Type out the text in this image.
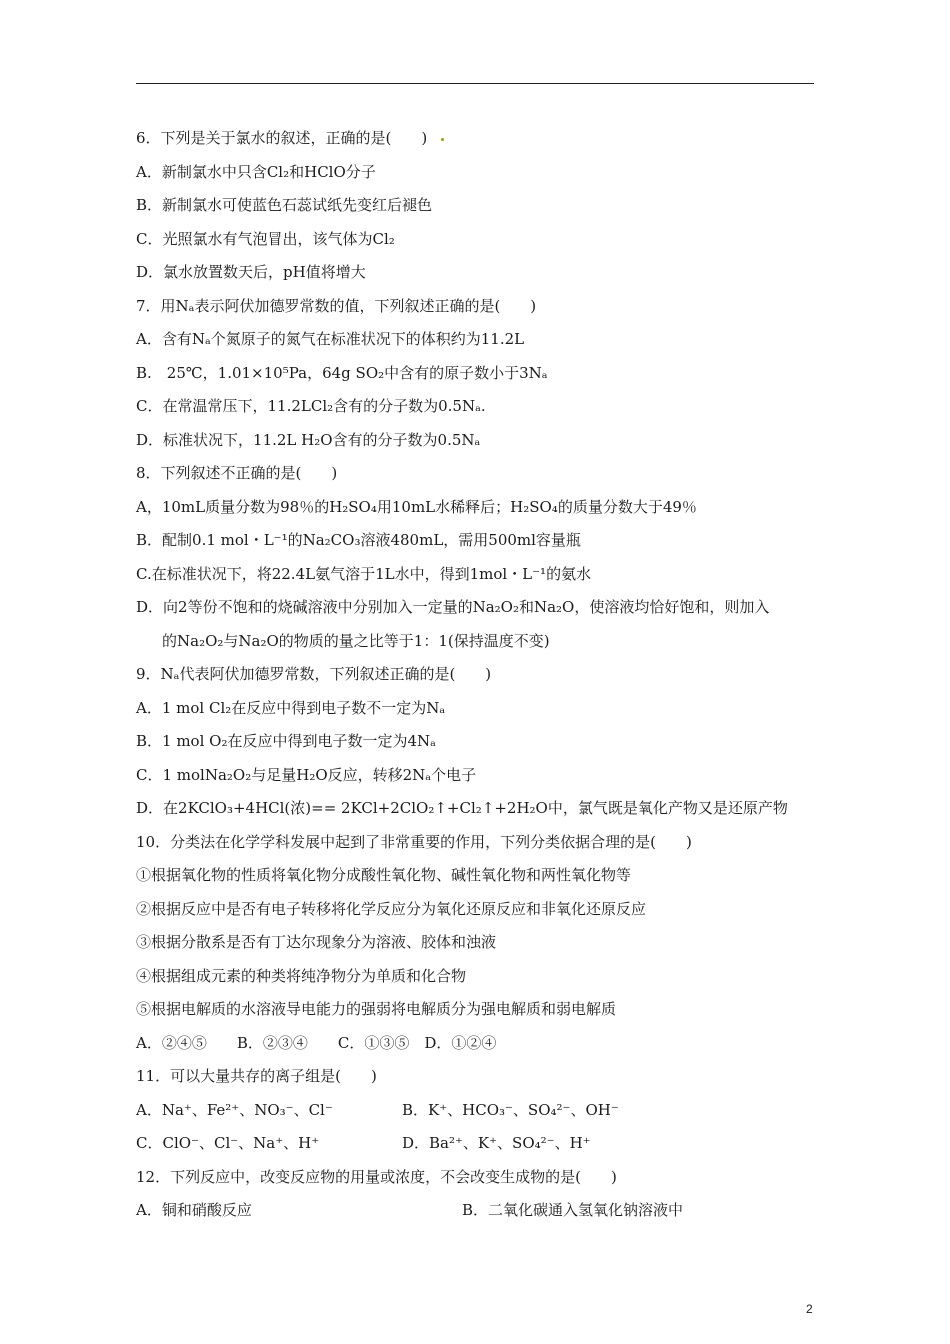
6．下列是关于氯水的叙述，正确的是(　　)
A．新制氯水中只含Cl₂和HClO分子
B．新制氯水可使蓝色石蕊试纸先变红后褪色
C．光照氯水有气泡冒出，该气体为Cl₂
D．氯水放置数天后，pH值将增大
7．用Nₐ表示阿伏加德罗常数的值，下列叙述正确的是(　　)
A．含有Nₐ个氮原子的氮气在标准状况下的体积约为11.2L
B.　25℃，1.01×10⁵Pa，64g SO₂中含有的原子数小于3Nₐ
C．在常温常压下，11.2LCl₂含有的分子数为0.5Nₐ.
D．标准状况下，11.2L H₂O含有的分子数为0.5Nₐ
8．下列叙述不正确的是(　　)
A，10mL质量分数为98％的H₂SO₄用10mL水稀释后；H₂SO₄的质量分数大于49％
B．配制0.1 mol・L⁻¹的Na₂CO₃溶液480mL，需用500ml容量瓶
C.在标准状况下，将22.4L氨气溶于1L水中，得到1mol・L⁻¹的氨水
D．向2等份不饱和的烧碱溶液中分别加入一定量的Na₂O₂和Na₂O，使溶液均恰好饱和，则加入
的Na₂O₂与Na₂O的物质的量之比等于1：1(保持温度不变)
9．Nₐ代表阿伏加德罗常数，下列叙述正确的是(　　)
A．1 mol Cl₂在反应中得到电子数不一定为Nₐ
B．1 mol O₂在反应中得到电子数一定为4Nₐ
C．1 molNa₂O₂与足量H₂O反应，转移2Nₐ个电子
D．在2KClO₃+4HCl(浓)== 2KCl+2ClO₂↑+Cl₂↑+2H₂O中，氯气既是氧化产物又是还原产物
10．分类法在化学学科发展中起到了非常重要的作用，下列分类依据合理的是(　　)
①根据氧化物的性质将氧化物分成酸性氧化物、碱性氧化物和两性氧化物等
②根据反应中是否有电子转移将化学反应分为氧化还原反应和非氧化还原反应
③根据分散系是否有丁达尔现象分为溶液、胶体和浊液
④根据组成元素的种类将纯净物分为单质和化合物
⑤根据电解质的水溶液导电能力的强弱将电解质分为强电解质和弱电解质
A．②④⑤　　B．②③④　　C．①③⑤　D．①②④
11．可以大量共存的离子组是(　　)
A．Na⁺、Fe²⁺、NO₃⁻、Cl⁻	B．K⁺、HCO₃⁻、SO₄²⁻、OH⁻
C．ClO⁻、Cl⁻、Na⁺、H⁺	D．Ba²⁺、K⁺、SO₄²⁻、H⁺
12．下列反应中，改变反应物的用量或浓度，不会改变生成物的是(　　)
A．铜和硝酸反应	B．二氧化碳通入氢氧化钠溶液中
2
